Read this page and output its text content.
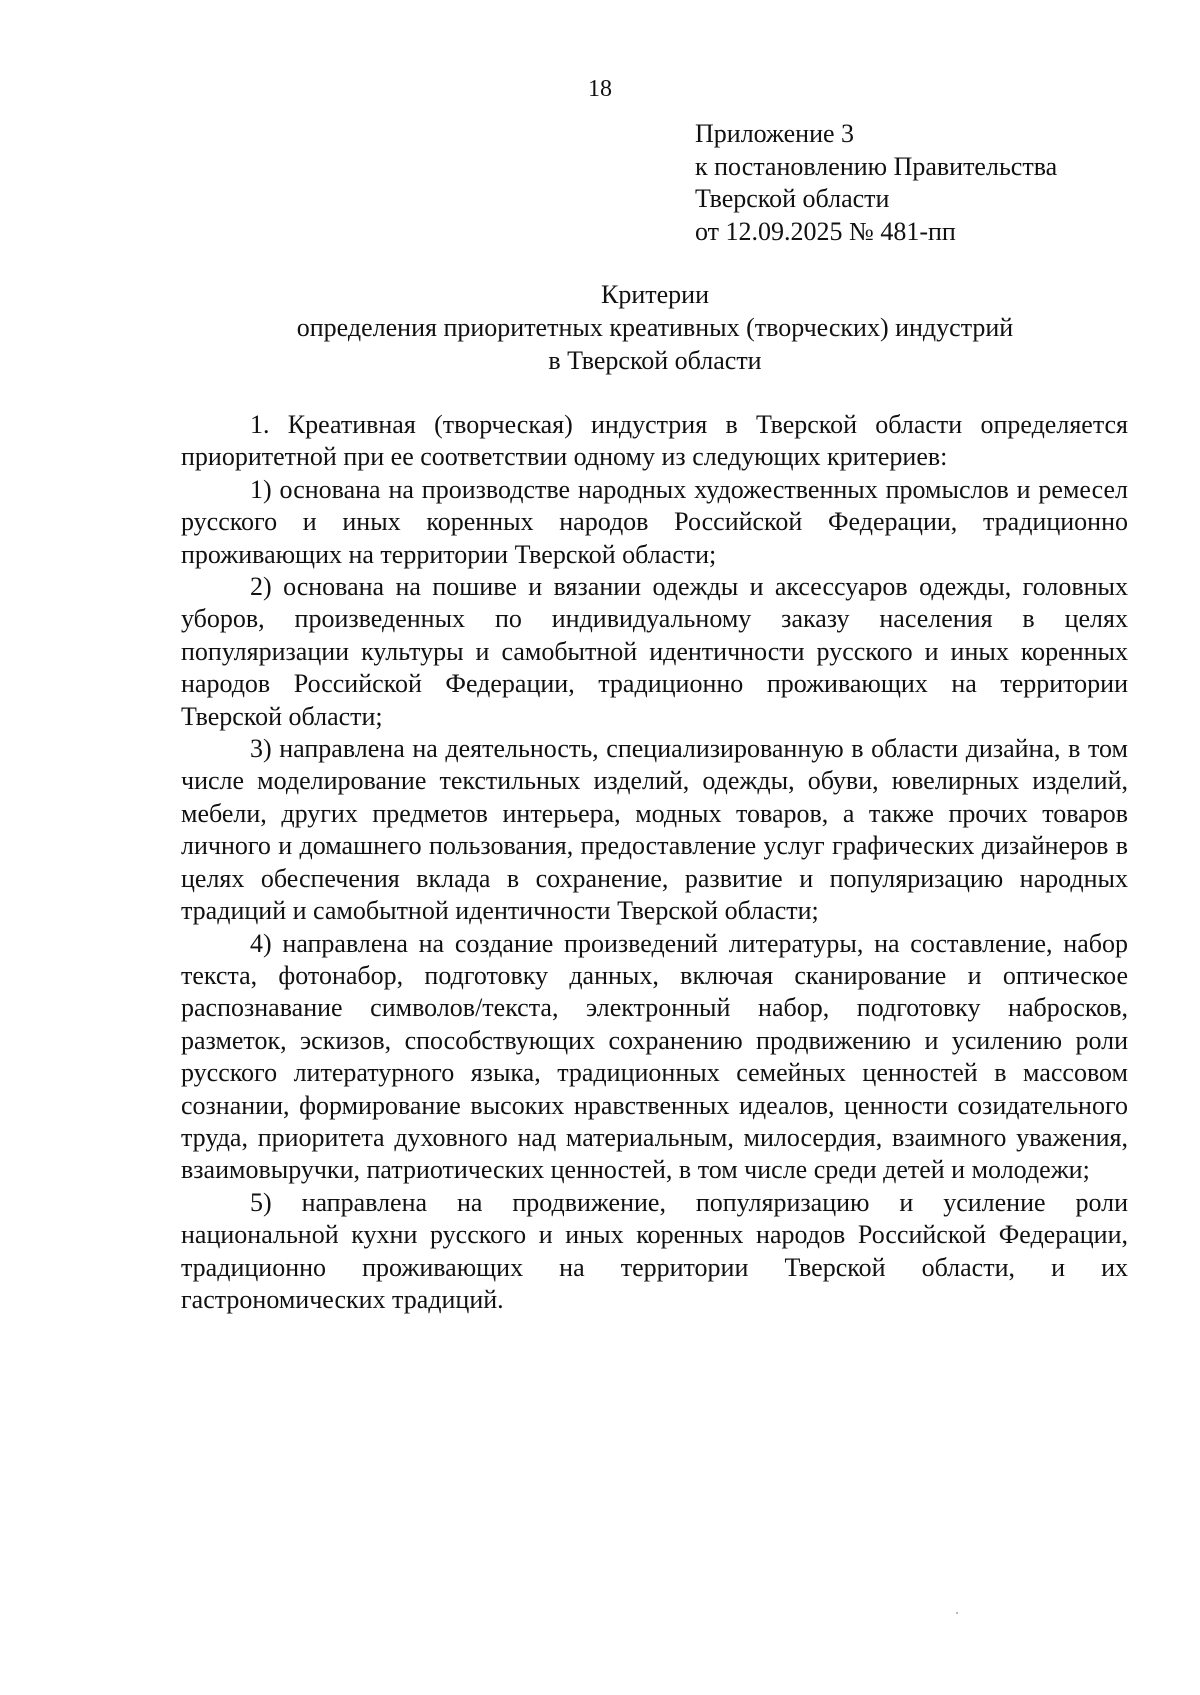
18
Приложение 3
к постановлению Правительства
Тверской области
от 12.09.2025 № 481-пп
Критерии
определения приоритетных креативных (творческих) индустрий
в Тверской области

1. Креативная (творческая) индустрия в Тверской области определяется приоритетной при ее соответствии одному из следующих критериев:

1) основана на производстве народных художественных промыслов и ремесел русского и иных коренных народов Российской Федерации, традиционно проживающих на территории Тверской области;

2) основана на пошиве и вязании одежды и аксессуаров одежды, головных уборов, произведенных по индивидуальному заказу населения в целях популяризации культуры и самобытной идентичности русского и иных коренных народов Российской Федерации, традиционно проживающих на территории Тверской области;

3) направлена на деятельность, специализированную в области дизайна, в том числе моделирование текстильных изделий, одежды, обуви, ювелирных изделий, мебели, других предметов интерьера, модных товаров, а также прочих товаров личного и домашнего пользования, предоставление услуг графических дизайнеров в целях обеспечения вклада в сохранение, развитие и популяризацию народных традиций и самобытной идентичности Тверской области;

4) направлена на создание произведений литературы, на составление, набор текста, фотонабор, подготовку данных, включая сканирование и оптическое распознавание символов/текста, электронный набор, подготовку набросков, разметок, эскизов, способствующих сохранению продвижению и усилению роли русского литературного языка, традиционных семейных ценностей в массовом сознании, формирование высоких нравственных идеалов, ценности созидательного труда, приоритета духовного над материальным, милосердия, взаимного уважения, взаимовыручки, патриотических ценностей, в том числе среди детей и молодежи;

5) направлена на продвижение, популяризацию и усиление роли национальной кухни русского и иных коренных народов Российской Федерации, традиционно проживающих на территории Тверской области, и их гастрономических традиций.
